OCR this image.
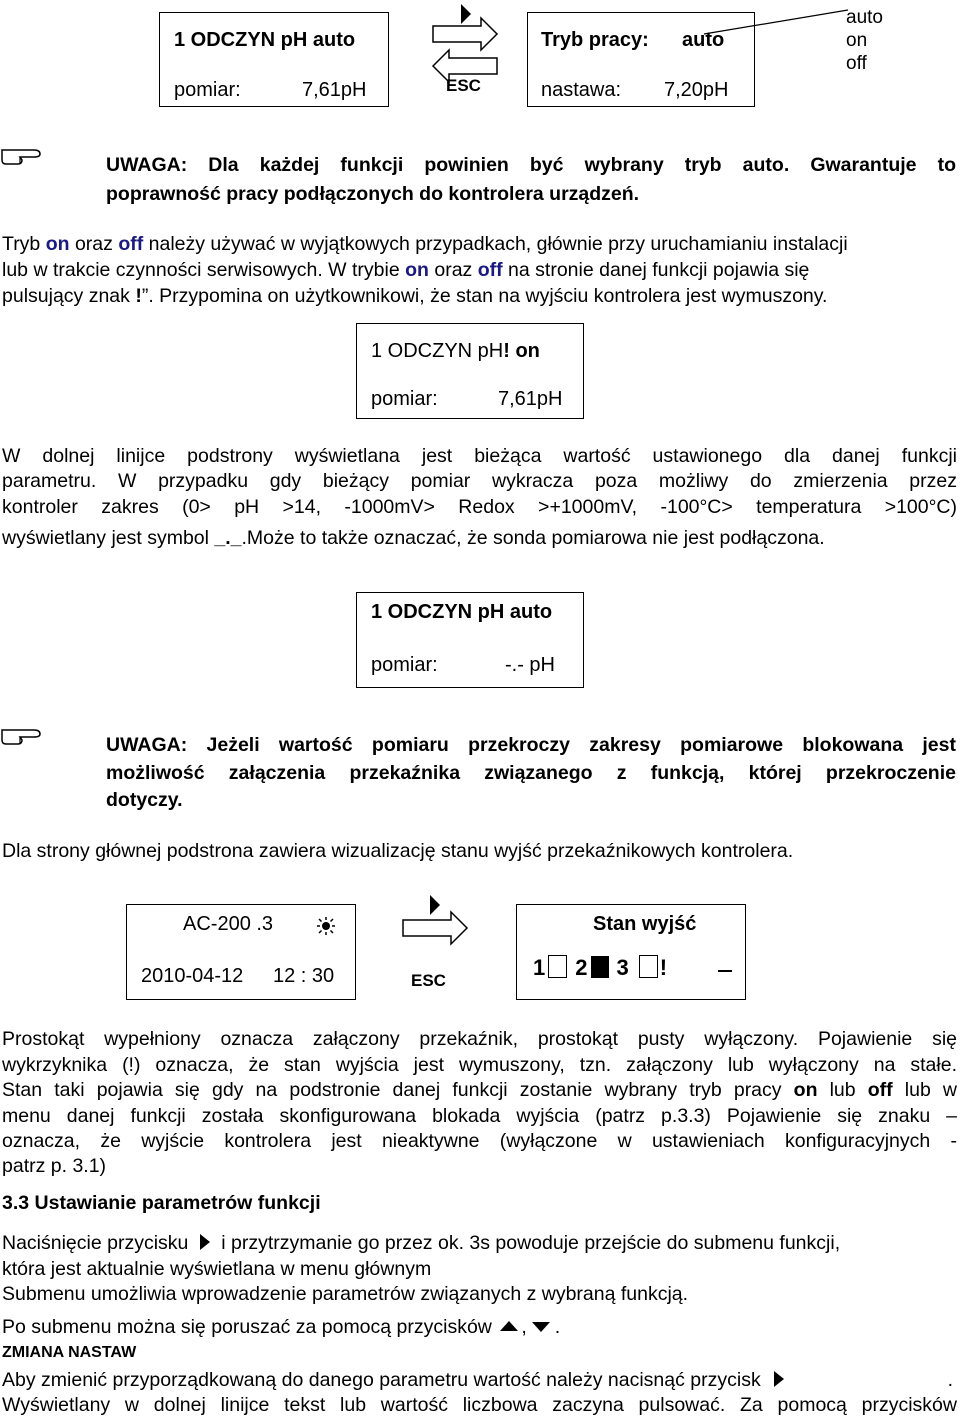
1 ODCZYN pH auto
pomiar:	7,61pH	ESC
Tryb pracy: auto
nastawa: 7,20pH
auto
on
off
UWAGA: Dla każdej funkcji powinien być wybrany tryb auto. Gwarantuje to
poprawność pracy podłączonych do kontrolera urządzeń.
Tryb on oraz off należy używać w wyjątkowych przypadkach, głównie przy uruchamianiu instalacji
lub w trakcie czynności serwisowych. W trybie on oraz off na stronie danej funkcji pojawia się
pulsujący znak !”. Przypomina on użytkownikowi, że stan na wyjściu kontrolera jest wymuszony.
1 ODCZYN pH! on
pomiar:	7,61pH
W dolnej linijce podstrony wyświetlana jest bieżąca wartość ustawionego dla danej funkcji
parametru. W przypadku gdy bieżący pomiar wykracza poza możliwy do zmierzenia przez
kontroler zakres (0> pH >14, -1000mV> Redox >+1000mV, -100°C> temperatura >100°C)
wyświetlany jest symbol _._.Może to także oznaczać, że sonda pomiarowa nie jest podłączona.
1 ODCZYN pH auto
pomiar:	-.- pH
UWAGA: Jeżeli wartość pomiaru przekroczy zakresy pomiarowe blokowana jest
możliwość załączenia przekaźnika związanego z funkcją, której przekroczenie
dotyczy.
Dla strony głównej podstrona zawiera wizualizację stanu wyjść przekaźnikowych kontrolera.
AC-200 .3
2010-04-12 12 : 30	ESC
Stan wyjść
1 2 3 !
Prostokąt wypełniony oznacza załączony przekaźnik, prostokąt pusty wyłączony. Pojawienie się
wykrzyknika (!) oznacza, że stan wyjścia jest wymuszony, tzn. załączony lub wyłączony na stałe.
Stan taki pojawia się gdy na podstronie danej funkcji zostanie wybrany tryb pracy on lub off lub w
menu danej funkcji została skonfigurowana blokada wyjścia (patrz p.3.3) Pojawienie się znaku –
oznacza, że wyjście kontrolera jest nieaktywne (wyłączone w ustawieniach konfiguracyjnych -
patrz p. 3.1)
3.3 Ustawianie parametrów funkcji
Naciśnięcie przycisku  i przytrzymanie go przez ok. 3s powoduje przejście do submenu funkcji,
która jest aktualnie wyświetlana w menu głównym
Submenu umożliwia wprowadzenie parametrów związanych z wybraną funkcją.
Po submenu można się poruszać za pomocą przycisków , .
ZMIANA NASTAW
Aby zmienić przyporządkowaną do danego parametru wartość należy nacisnąć przycisk	.
Wyświetlany w dolnej linijce tekst lub wartość liczbowa zaczyna pulsować. Za pomocą przycisków
